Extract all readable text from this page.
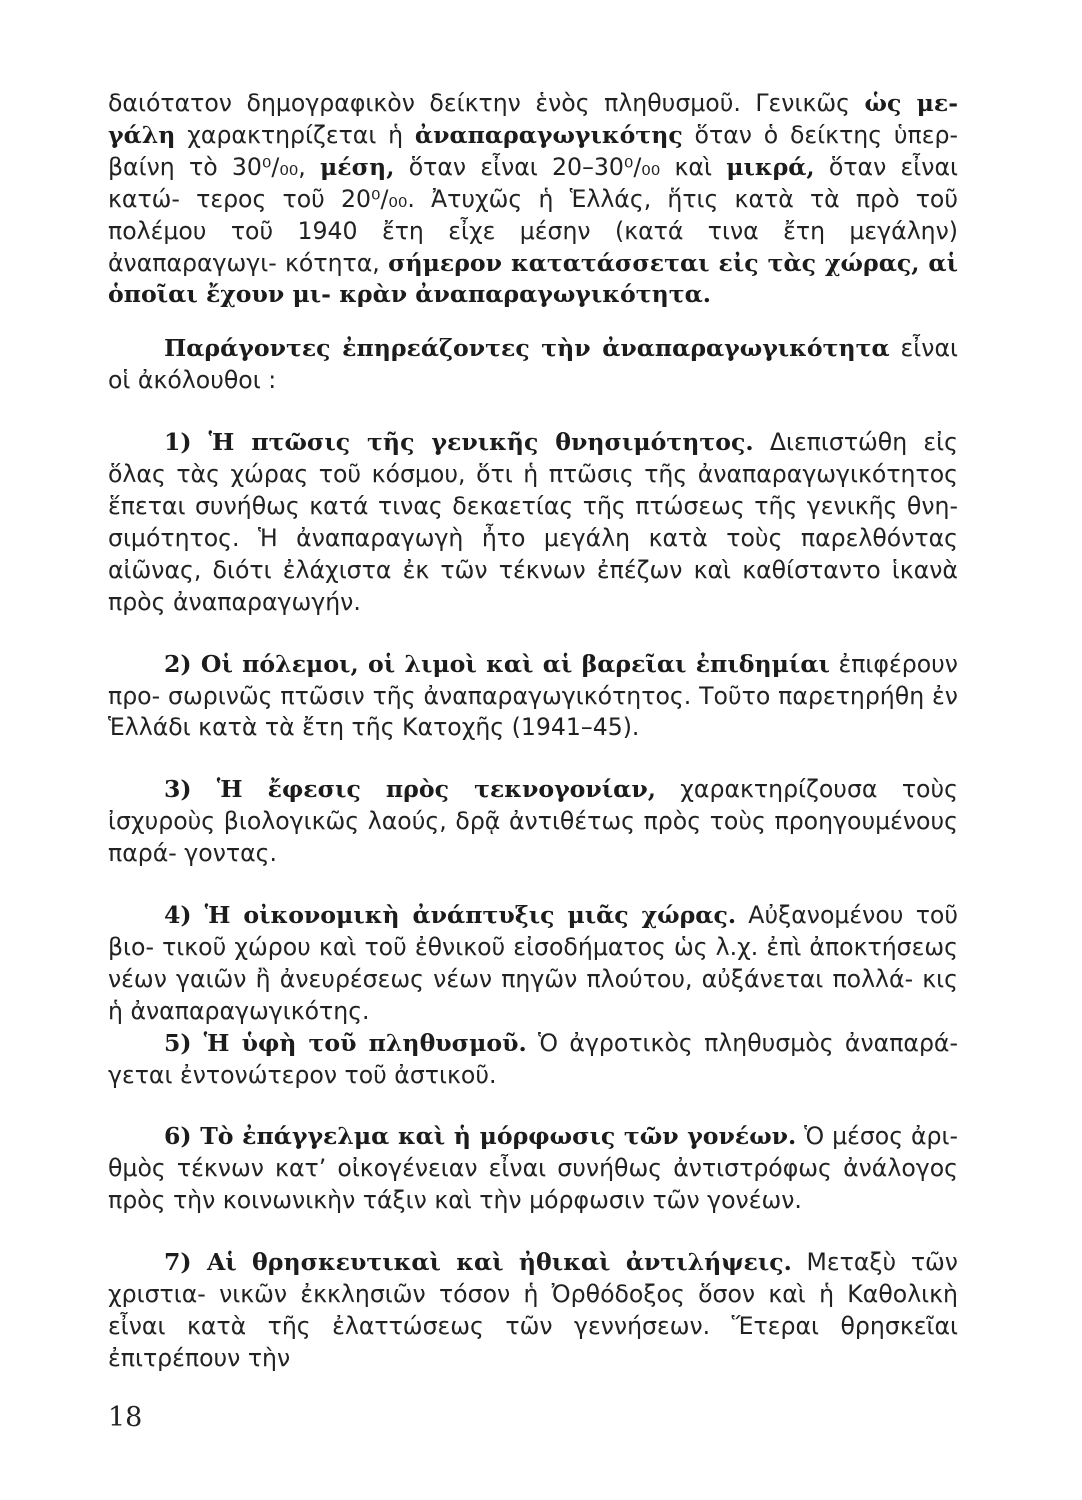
δαιότατον δημογραφικὸν δείκτην ἑνὸς πληθυσμοῦ. Γενικῶς ὡς με- γάλη χαρακτηρίζεται ἡ ἀναπαραγωγικότης ὅταν ὁ δείκτης ὑπερ- βαίνη τὸ 30⁰/₀₀, μέση, ὅταν εἶναι 20–30⁰/₀₀ καὶ μικρά, ὅταν εἶναι κατώ- τερος τοῦ 20⁰/₀₀. Ἀτυχῶς ἡ Ἑλλάς, ἥτις κατὰ τὰ πρὸ τοῦ πολέμου τοῦ 1940 ἔτη εἶχε μέσην (κατά τινα ἔτη μεγάλην) ἀναπαραγωγι- κότητα, σήμερον κατατάσσεται εἰς τὰς χώρας, αἱ ὁποῖαι ἔχουν μι- κρὰν ἀναπαραγωγικότητα.

Παράγοντες ἐπηρεάζοντες τὴν ἀναπαραγωγικότητα εἶναι οἱ ἀκόλουθοι :

1) Ἡ πτῶσις τῆς γενικῆς θνησιμότητος. Διεπιστώθη εἰς ὅλας τὰς χώρας τοῦ κόσμου, ὅτι ἡ πτῶσις τῆς ἀναπαραγωγικότητος ἕπεται συνήθως κατά τινας δεκαετίας τῆς πτώσεως τῆς γενικῆς θνη- σιμότητος. Ἡ ἀναπαραγωγὴ ἦτο μεγάλη κατὰ τοὺς παρελθόντας αἰῶνας, διότι ἐλάχιστα ἐκ τῶν τέκνων ἐπέζων καὶ καθίσταντο ἱκανὰ πρὸς ἀναπαραγωγήν.

2) Οἱ πόλεμοι, οἱ λιμοὶ καὶ αἱ βαρεῖαι ἐπιδημίαι ἐπιφέρουν προ- σωρινῶς πτῶσιν τῆς ἀναπαραγωγικότητος. Τοῦτο παρετηρήθη ἐν Ἑλλάδι κατὰ τὰ ἔτη τῆς Κατοχῆς (1941–45).

3) Ἡ ἔφεσις πρὸς τεκνογονίαν, χαρακτηρίζουσα τοὺς ἰσχυροὺς βιολογικῶς λαούς, δρᾷ ἀντιθέτως πρὸς τοὺς προηγουμένους παρά- γοντας.

4) Ἡ οἰκονομικὴ ἀνάπτυξις μιᾶς χώρας. Αὐξανομένου τοῦ βιο- τικοῦ χώρου καὶ τοῦ ἐθνικοῦ εἰσοδήματος ὡς λ.χ. ἐπὶ ἀποκτήσεως νέων γαιῶν ἢ ἀνευρέσεως νέων πηγῶν πλούτου, αὐξάνεται πολλά- κις ἡ ἀναπαραγωγικότης.

5) Ἡ ὑφὴ τοῦ πληθυσμοῦ. Ὁ ἀγροτικὸς πληθυσμὸς ἀναπαρά- γεται ἐντονώτερον τοῦ ἀστικοῦ.

6) Τὸ ἐπάγγελμα καὶ ἡ μόρφωσις τῶν γονέων. Ὁ μέσος ἀρι- θμὸς τέκνων κατ’ οἰκογένειαν εἶναι συνήθως ἀντιστρόφως ἀνάλογος πρὸς τὴν κοινωνικὴν τάξιν καὶ τὴν μόρφωσιν τῶν γονέων.

7) Αἱ θρησκευτικαὶ καὶ ἠθικαὶ ἀντιλήψεις. Μεταξὺ τῶν χριστια- νικῶν ἐκκλησιῶν τόσον ἡ Ὀρθόδοξος ὅσον καὶ ἡ Καθολικὴ εἶναι κατὰ τῆς ἐλαττώσεως τῶν γεννήσεων. Ἕτεραι θρησκεῖαι ἐπιτρέπουν τὴν

18
